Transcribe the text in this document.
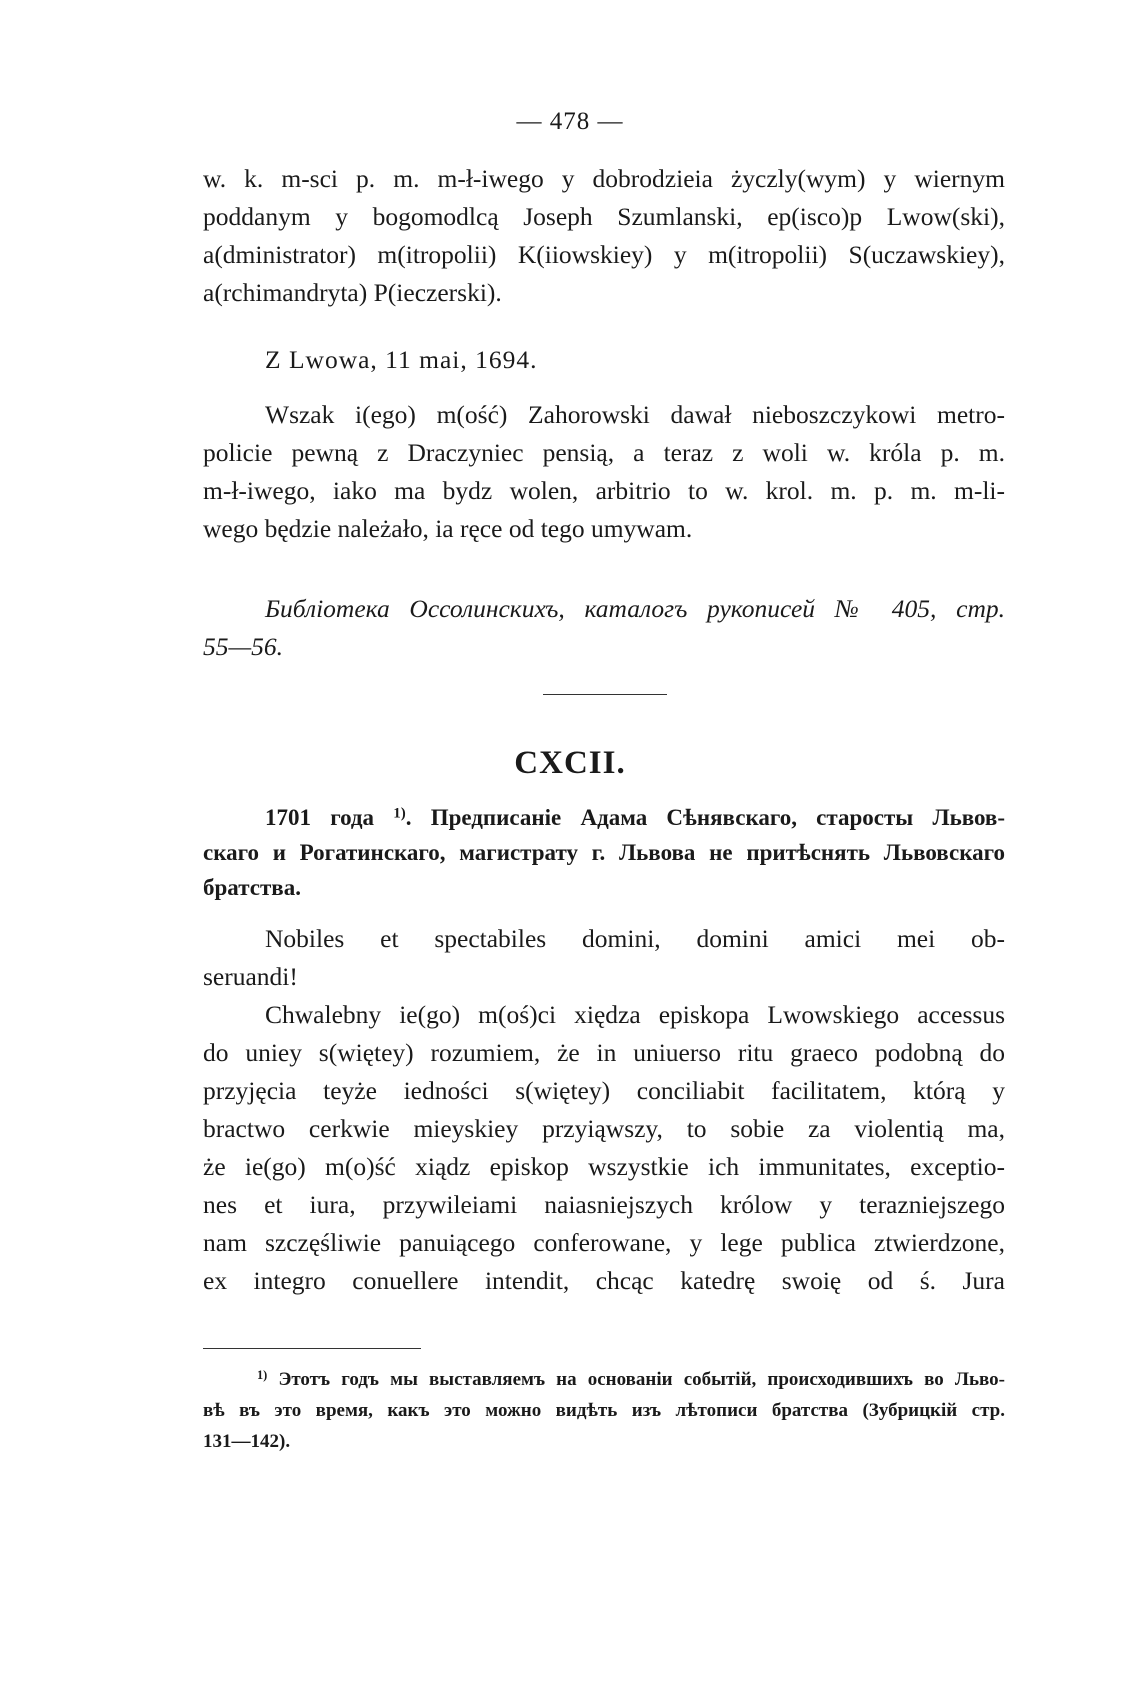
— 478 —
w. k. m-sci p. m. m-ł-iwego y dobrodzieia życzly(wym) y wiernym
poddanym y bogomodlcą Joseph Szumlanski, ep(isco)p Lwow(ski),
a(dministrator) m(itropolii) K(iiowskiey) y m(itropolii) S(uczawskiey),
a(rchimandryta) P(ieczerski).
Z Lwowa, 11 mai, 1694.
Wszak i(ego) m(ość) Zahorowski dawał nieboszczykowi metro-
policie pewną z Draczyniec pensią, a teraz z woli w. króla p. m.
m-ł-iwego, iako ma bydz wolen, arbitrio to w. krol. m. p. m. m-li-
wego będzie należało, ia ręce od tego umywam.
Библіотека Оссолинскихъ, каталогъ рукописей № 405, стр.
55—56.
CXCII.
1701 года $^{1)}$. Предписаніе Адама Сѣнявскаго, старосты Львов-
скаго и Рогатинскаго, магистрату г. Львова не притѣснять Львовскаго
братства.
Nobiles et spectabiles domini, domini amici mei ob-
seruandi!
Chwalebny ie(go) m(oś)ci xiędza episkopa Lwowskiego accessus
do uniey s(więtey) rozumiem, że in uniuerso ritu graeco podobną do
przyjęcia teyże iedności s(więtey) conciliabit facilitatem, którą y
bractwo cerkwie mieyskiey przyiąwszy, to sobie za violentią ma,
że ie(go) m(o)ść xiądz episkop wszystkie ich immunitates, exceptio-
nes et iura, przywileiami naiasniejszych królow y terazniejszego
nam szczęśliwie panuiącego conferowane, y lege publica ztwierdzone,
ex integro conuellere intendit, chcąc katedrę swoię od ś. Jura
$^{1)}$ Этотъ годъ мы выставляемъ на основаніи событій, происходившихъ во Льво-
вѣ въ это время, какъ это можно видѣть изъ лѣтописи братства (Зубрицкій стр.
131—142).
